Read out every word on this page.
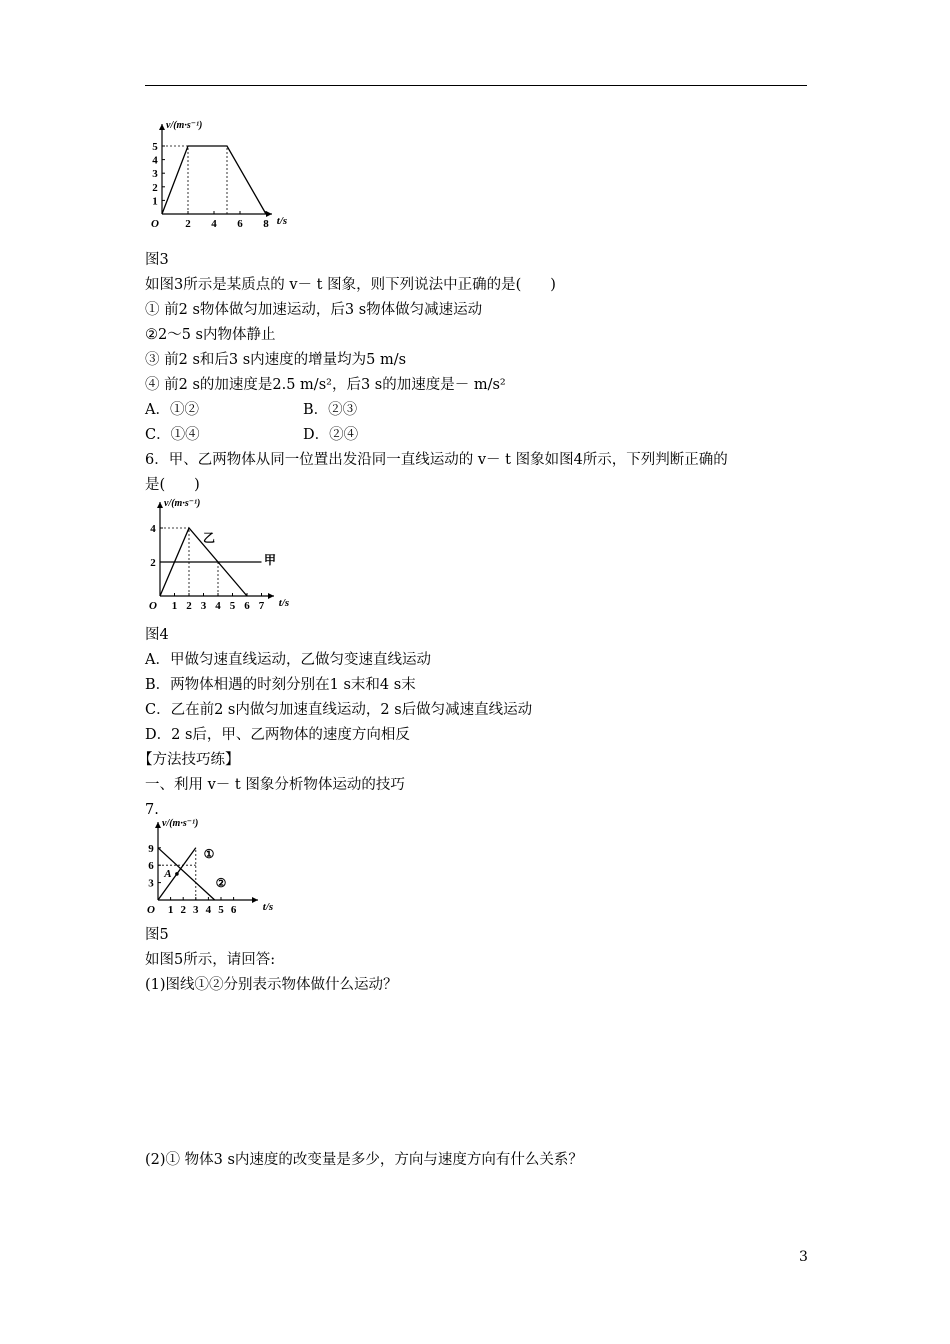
v/(m·s⁻¹)
t/s
O
1
2
3
4
5
2 4 6 8
图3
如图3所示是某质点的 v－ t 图象，则下列说法中正确的是(　　)
① 前2 s物体做匀加速运动，后3 s物体做匀减速运动
②2～5 s内物体静止
③ 前2 s和后3 s内速度的增量均为5 m/s
④ 前2 s的加速度是2.5 m/s²，后3 s的加速度是－ m/s²
A．①②	B．②③
C．①④	D．②④
6．甲、乙两物体从同一位置出发沿同一直线运动的 v－ t 图象如图4所示，下列判断正确的
是(　　)
v/(m·s⁻¹)
t/s
O
2
4
1 2 3 4 5 6 7
乙
甲
图4
A．甲做匀速直线运动，乙做匀变速直线运动
B．两物体相遇的时刻分别在1 s末和4 s末
C．乙在前2 s内做匀加速直线运动，2 s后做匀减速直线运动
D．2 s后，甲、乙两物体的速度方向相反
【方法技巧练】
一、利用 v－ t 图象分析物体运动的技巧
7.
v/(m·s⁻¹)
t/s
O
3
6
9
1 2 3 4 5 6
①
②
A
图5
如图5所示，请回答:
(1)图线①②分别表示物体做什么运动？
(2)① 物体3 s内速度的改变量是多少，方向与速度方向有什么关系？
3
